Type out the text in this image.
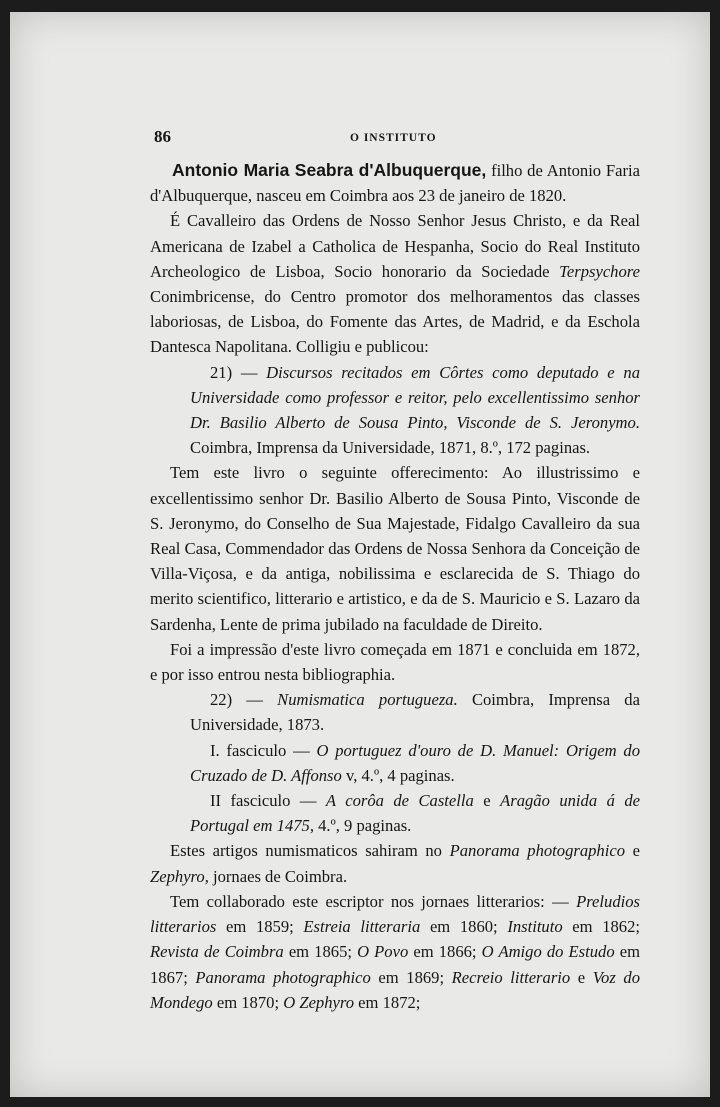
86	O INSTITUTO

Antonio Maria Seabra d'Albuquerque, filho de Antonio Faria d'Albuquerque, nasceu em Coimbra aos 23 de janeiro de 1820.

É Cavalleiro das Ordens de Nosso Senhor Jesus Christo, e da Real Americana de Izabel a Catholica de Hespanha, Socio do Real Instituto Archeologico de Lisboa, Socio honorario da Sociedade Terpsychore Conimbricense, do Centro promotor dos melhoramentos das classes laboriosas, de Lisboa, do Fomente das Artes, de Madrid, e da Eschola Dantesca Napolitana. Colligiu e publicou:

21) — Discursos recitados em Côrtes como deputado e na Universidade como professor e reitor, pelo excellentissimo senhor Dr. Basilio Alberto de Sousa Pinto, Visconde de S. Jeronymo. Coimbra, Imprensa da Universidade, 1871, 8.º, 172 paginas.

Tem este livro o seguinte offerecimento: Ao illustrissimo e excellentissimo senhor Dr. Basilio Alberto de Sousa Pinto, Visconde de S. Jeronymo, do Conselho de Sua Majestade, Fidalgo Cavalleiro da sua Real Casa, Commendador das Ordens de Nossa Senhora da Conceição de Villa-Viçosa, e da antiga, nobilissima e esclarecida de S. Thiago do merito scientifico, litterario e artistico, e da de S. Mauricio e S. Lazaro da Sardenha, Lente de prima jubilado na faculdade de Direito.

Foi a impressão d'este livro começada em 1871 e concluida em 1872, e por isso entrou nesta bibliographia.

22) — Numismatica portugueza. Coimbra, Imprensa da Universidade, 1873.

I. fasciculo — O portuguez d'ouro de D. Manuel: Origem do Cruzado de D. Affonso v, 4.º, 4 paginas.

II fasciculo — A corôa de Castella e Aragão unida á de Portugal em 1475, 4.º, 9 paginas.

Estes artigos numismaticos sahiram no Panorama photographico e Zephyro, jornaes de Coimbra.

Tem collaborado este escriptor nos jornaes litterarios: — Preludios litterarios em 1859; Estreia litteraria em 1860; Instituto em 1862; Revista de Coimbra em 1865; O Povo em 1866; O Amigo do Estudo em 1867; Panorama photographico em 1869; Recreio litterario e Voz do Mondego em 1870; O Zephyro em 1872;
